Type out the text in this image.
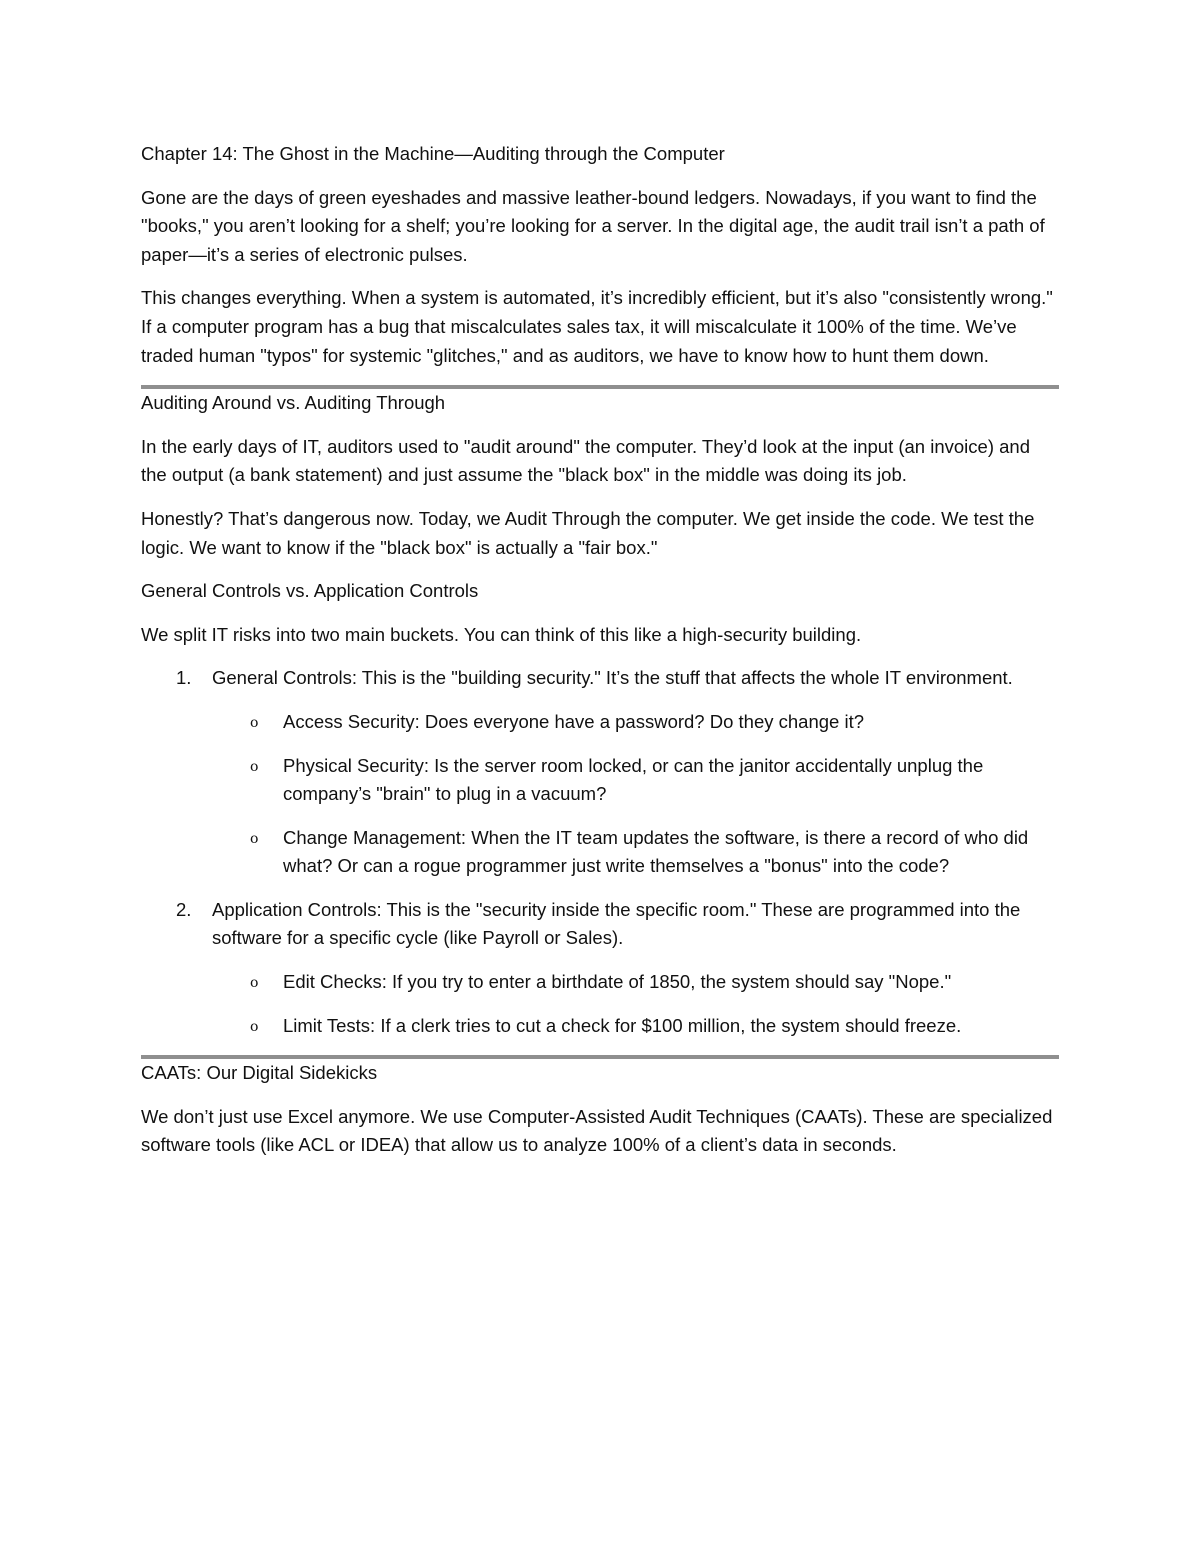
Chapter 14: The Ghost in the Machine—Auditing through the Computer

Gone are the days of green eyeshades and massive leather-bound ledgers. Nowadays, if you want to find the "books," you aren’t looking for a shelf; you’re looking for a server. In the digital age, the audit trail isn’t a path of paper—it’s a series of electronic pulses.

This changes everything. When a system is automated, it’s incredibly efficient, but it’s also "consistently wrong." If a computer program has a bug that miscalculates sales tax, it will miscalculate it 100% of the time. We’ve traded human "typos" for systemic "glitches," and as auditors, we have to know how to hunt them down.

Auditing Around vs. Auditing Through

In the early days of IT, auditors used to "audit around" the computer. They’d look at the input (an invoice) and the output (a bank statement) and just assume the "black box" in the middle was doing its job.

Honestly? That’s dangerous now. Today, we Audit Through the computer. We get inside the code. We test the logic. We want to know if the "black box" is actually a "fair box."

General Controls vs. Application Controls

We split IT risks into two main buckets. You can think of this like a high-security building.

1. General Controls: This is the "building security." It’s the stuff that affects the whole IT environment.
o Access Security: Does everyone have a password? Do they change it?
o Physical Security: Is the server room locked, or can the janitor accidentally unplug the company’s "brain" to plug in a vacuum?
o Change Management: When the IT team updates the software, is there a record of who did what? Or can a rogue programmer just write themselves a "bonus" into the code?
2. Application Controls: This is the "security inside the specific room." These are programmed into the software for a specific cycle (like Payroll or Sales).
o Edit Checks: If you try to enter a birthdate of 1850, the system should say "Nope."
o Limit Tests: If a clerk tries to cut a check for $100 million, the system should freeze.

CAATs: Our Digital Sidekicks

We don’t just use Excel anymore. We use Computer-Assisted Audit Techniques (CAATs). These are specialized software tools (like ACL or IDEA) that allow us to analyze 100% of a client’s data in seconds.
